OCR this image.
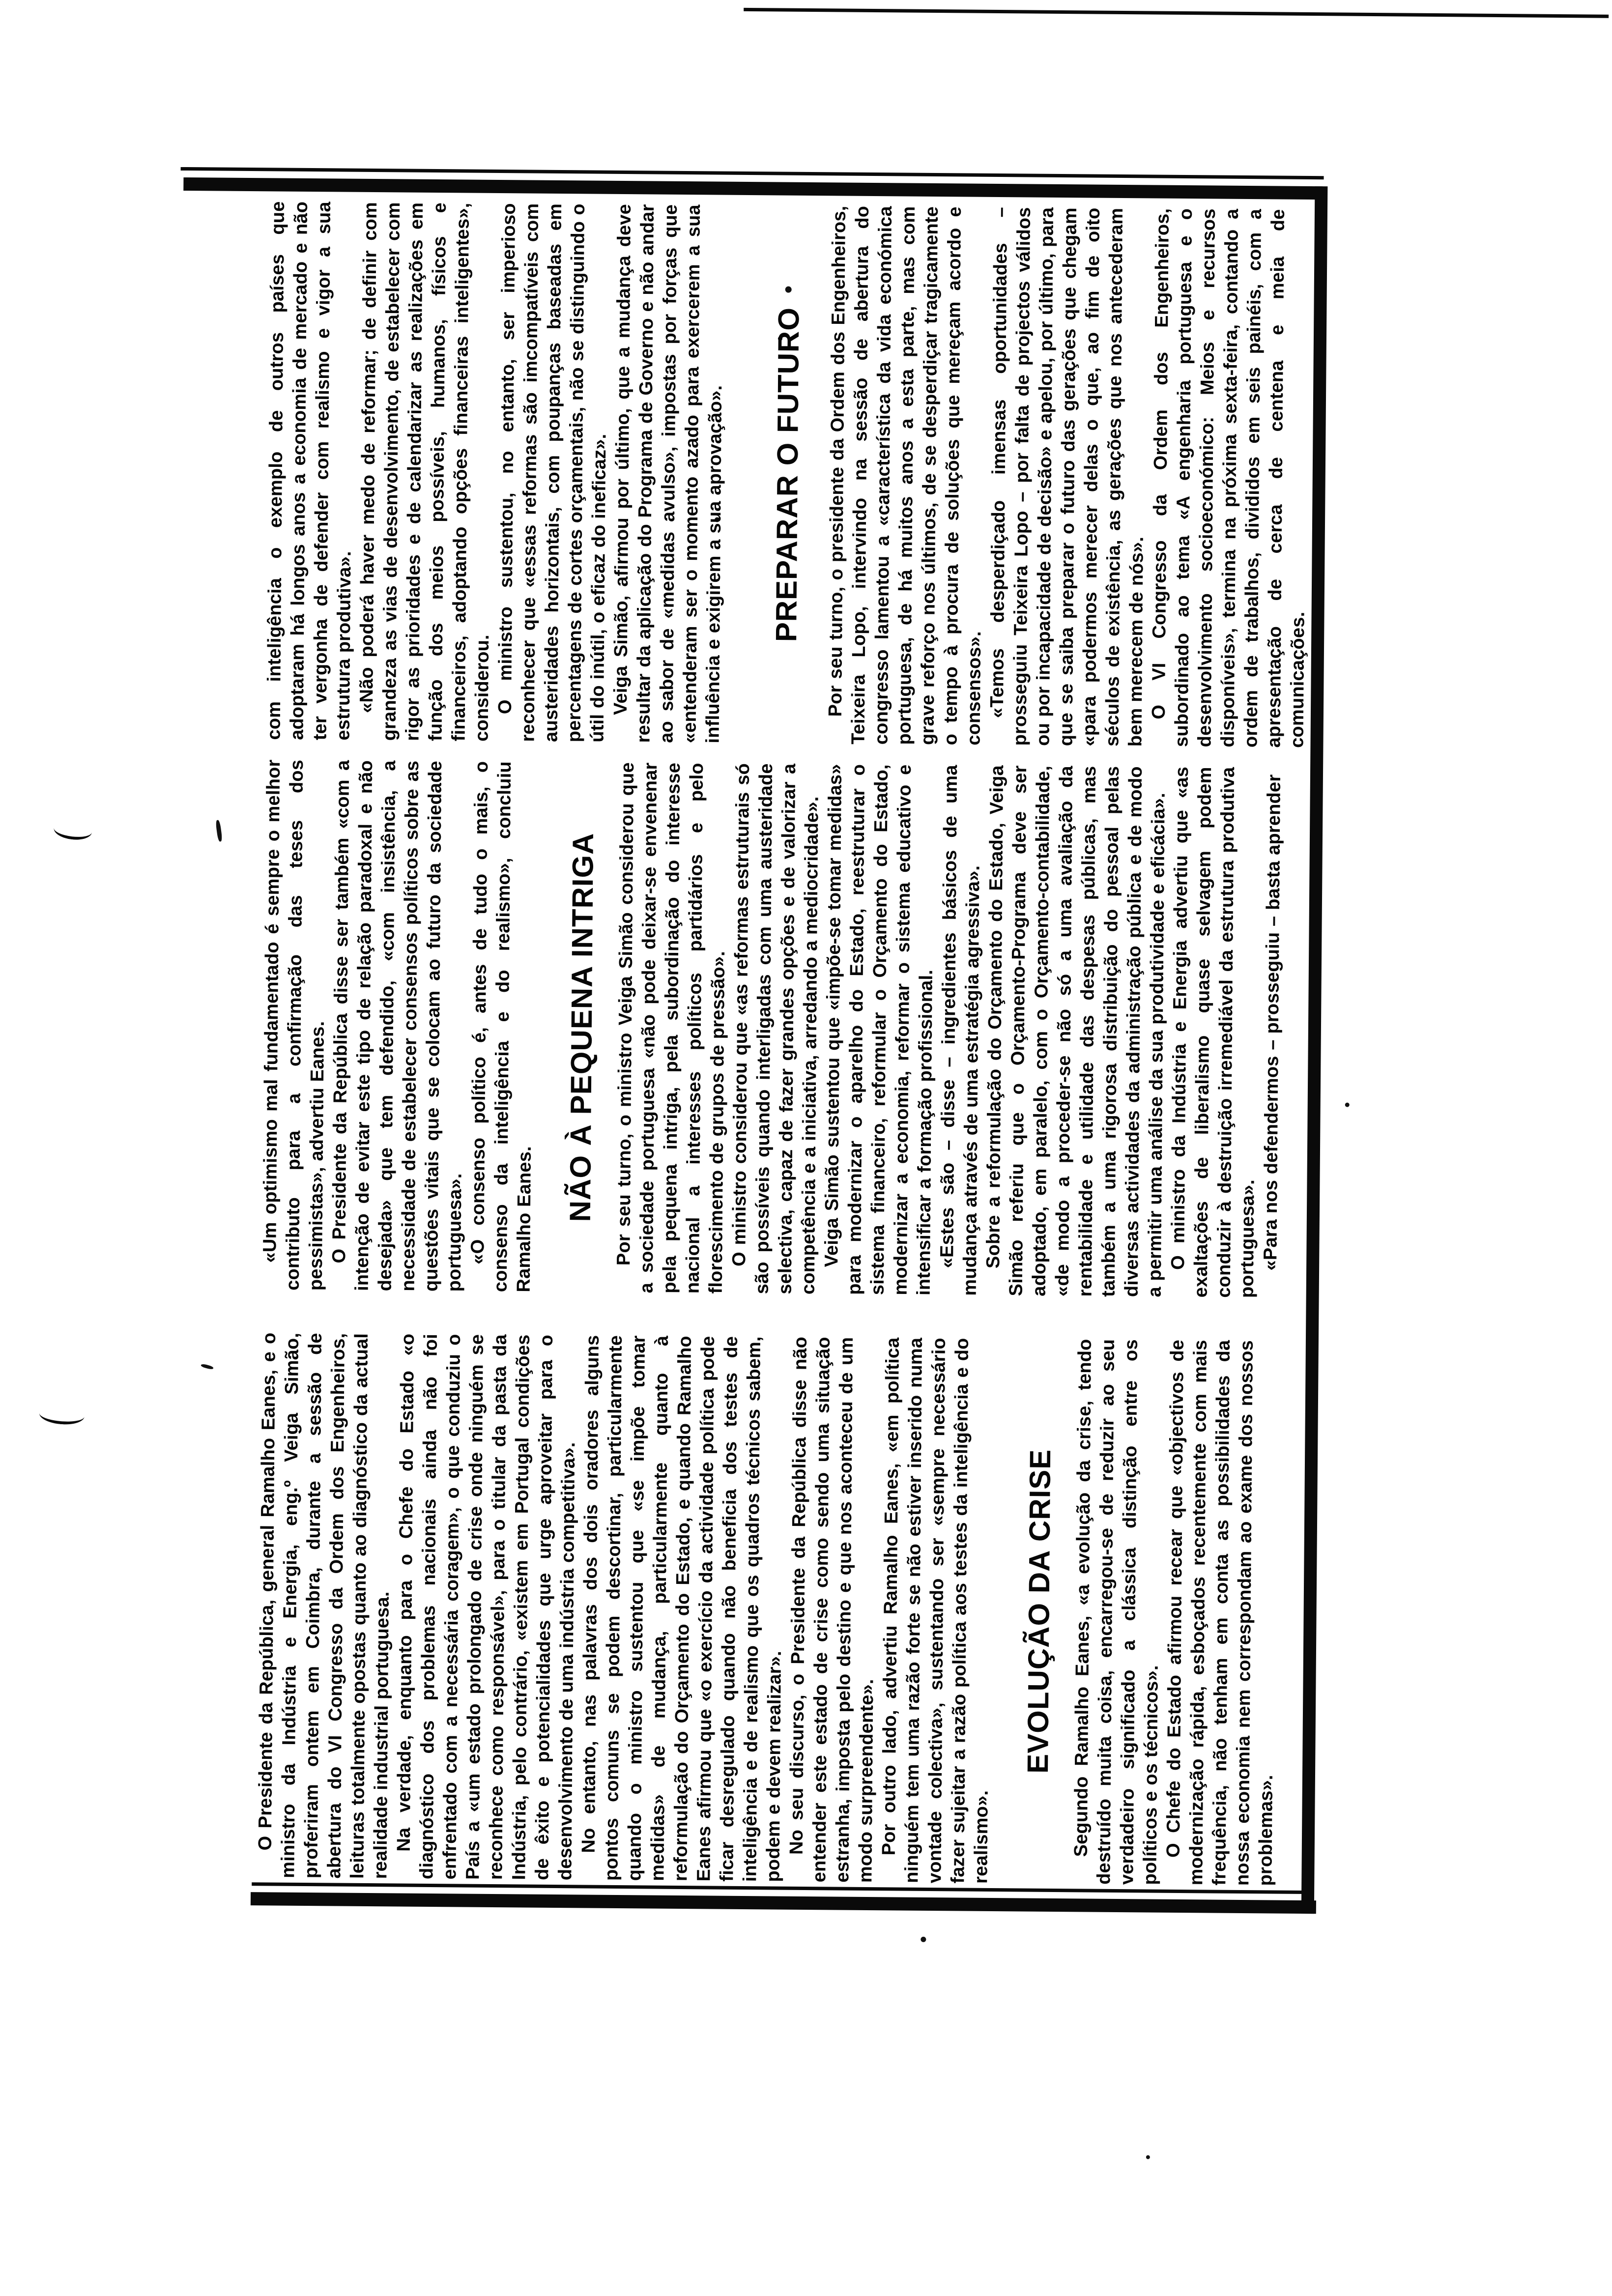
O Presidente da República, general Ramalho Eanes, e o ministro da Indústria e Energia, eng.º Veiga Simão, proferiram ontem em Coimbra, durante a sessão de abertura do VI Congresso da Ordem dos Engenheiros, leituras totalmente opostas quanto ao diagnóstico da actual realidade industrial portuguesa. Na verdade, enquanto para o Chefe do Estado «o diagnóstico dos problemas nacionais ainda não foi enfrentado com a necessária coragem», o que conduziu o País a «um estado prolongado de crise onde ninguém se reconhece como responsável», para o titular da pasta da Indústria, pelo contrário, «existem em Portugal condições de êxito e potencialidades que urge aproveitar para o desenvolvimento de uma indústria competitiva».

No entanto, nas palavras dos dois oradores alguns pontos comuns se podem descortinar, particularmente quando o ministro sustentou que «se impõe tomar medidas» de mudança, particularmente quanto à reformulação do Orçamento do Estado, e quando Ramalho Eanes afirmou que «o exercício da actividade política pode ficar desregulado quando não beneficia dos testes de inteligência e de realismo que os quadros técnicos sabem, podem e devem realizar». No seu discurso, o Presidente da República disse não entender este estado de crise como sendo uma situação estranha, imposta pelo destino e que nos aconteceu de um modo surpreendente». Por outro lado, advertiu Ramalho Eanes, «em política ninguém tem uma razão forte se não estiver inserido numa vontade colectiva», sustentando ser «sempre necessário fazer sujeitar a razão política aos testes da inteligência e do realismo».

EVOLUÇÃO DA CRISE Segundo Ramalho Eanes, «a evolução da crise, tendo destruído muita coisa, encarregou-se de reduzir ao seu verdadeiro significado a clássica distinção entre os políticos e os técnicos». O Chefe do Estado afirmou recear que «objectivos de modernização rápida, esboçados recentemente com mais frequência, não tenham em conta as possibilidades da nossa economia nem correspondam ao exame dos nossos problemas».

«Um optimismo mal fundamentado é sempre o melhor contributo para a confirmação das teses dos pessimistas», advertiu Eanes. O Presidente da República disse ser também «com a intenção de evitar este tipo de relação paradoxal e não desejada» que tem defendido, «com insistência, a necessidade de estabelecer consensos políticos sobre as questões vitais que se colocam ao futuro da sociedade portuguesa». «O consenso político é, antes de tudo o mais, o consenso da inteligência e do realismo», concluiu Ramalho Eanes. NÃO À PEQUENA INTRIGA Por seu turno, o ministro Veiga Simão considerou que a sociedade portuguesa «não pode deixar-se envenenar pela pequena intriga, pela subordinação do interesse nacional a interesses políticos partidários e pelo florescimento de grupos de pressão». O ministro considerou que «as reformas estruturais só são possíveis quando interligadas com uma austeridade selectiva, capaz de fazer grandes opções e de valorizar a competência e a iniciativa, arredando a mediocridade».

Veiga Simão sustentou que «impõe-se tomar medidas» para modernizar o aparelho do Estado, reestruturar o sistema financeiro, reformular o Orçamento do Estado, modernizar a economia, reformar o sistema educativo e intensificar a formação profissional. «Estes são – disse – ingredientes básicos de uma mudança através de uma estratégia agressiva».

Sobre a reformulação do Orçamento do Estado, Veiga Simão referiu que o Orçamento-Programa deve ser adoptado, em paralelo, com o Orçamento-contabilidade, «de modo a proceder-se não só a uma avaliação da rentabilidade e utilidade das despesas públicas, mas também a uma rigorosa distribuição do pessoal pelas diversas actividades da administração pública e de modo a permitir uma análise da sua produtividade e eficácia».

O ministro da Indústria e Energia advertiu que «as exaltações de liberalismo quase selvagem podem conduzir à destruição irremediável da estrutura produtiva portuguesa». «Para nos defendermos – prosseguiu – basta aprender

com inteligência o exemplo de outros países que adoptaram há longos anos a economia de mercado e não ter vergonha de defender com realismo e vigor a sua estrutura produtiva». «Não poderá haver medo de reformar; de definir com grandeza as vias de desenvolvimento, de estabelecer com rigor as prioridades e de calendarizar as realizações em função dos meios possíveis, humanos, físicos e financeiros, adoptando opções financeiras inteligentes», considerou. O ministro sustentou, no entanto, ser imperioso reconhecer que «essas reformas são imcompatíveis com austeridades horizontais, com poupanças baseadas em percentagens de cortes orçamentais, não se distinguindo o útil do inútil, o eficaz do ineficaz». Veiga Simão, afirmou por último, que a mudança deve resultar da aplicação do Programa de Governo e não andar ao sabor de «medidas avulso», impostas por forças que «entenderam ser o momento azado para exercerem a sua influência e exigirem a sua aprovação». PREPARAR O FUTURO Por seu turno, o presidente da Ordem dos Engenheiros, Teixeira Lopo, intervindo na sessão de abertura do congresso lamentou a «característica da vida económica portuguesa, de há muitos anos a esta parte, mas com grave reforço nos últimos, de se desperdiçar tragicamente o tempo à procura de soluções que mereçam acordo e consensos». «Temos desperdiçado imensas oportunidades – prosseguiu Teixeira Lopo – por falta de projectos válidos ou por incapacidade de decisão» e apelou, por último, para que se saiba preparar o futuro das gerações que chegam «para podermos merecer delas o que, ao fim de oito séculos de existência, as gerações que nos antecederam bem merecem de nós». O VI Congresso da Ordem dos Engenheiros, subordinado ao tema «A engenharia portuguesa e o desenvolvimento socioeconómico: Meios e recursos disponíveis», termina na próxima sexta-feira, contando a ordem de trabalhos, divididos em seis painéis, com a apresentação de cerca de centena e meia de comunicações.
